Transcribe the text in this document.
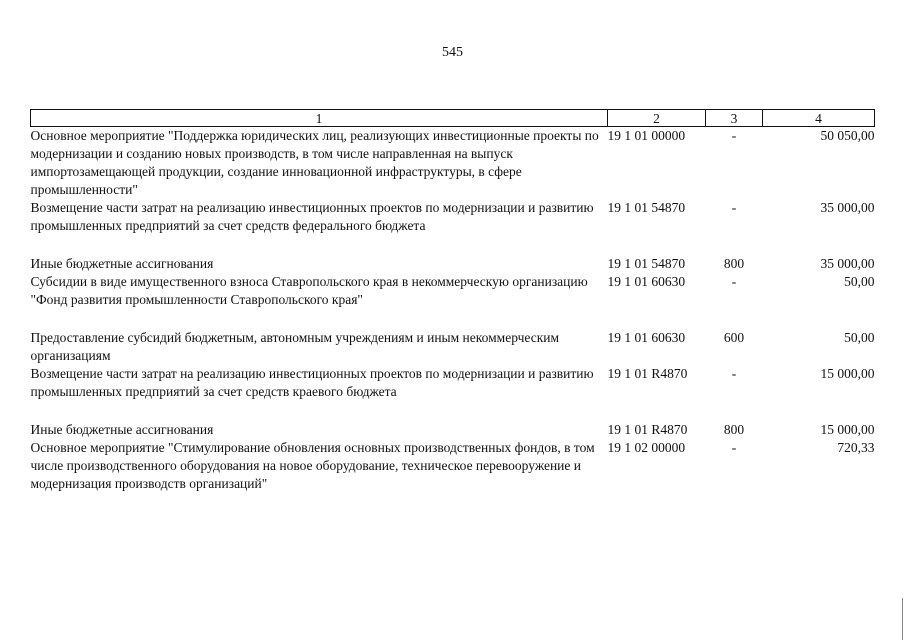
545
1	2	3	4
Основное мероприятие "Поддержка юридических лиц, реализующих инвестиционные проекты по модернизации и созданию новых производств, в том числе направленная на выпуск импортозамещающей продукции, создание инновационной инфраструктуры, в сфере промышленности"	19 1 01 00000	-	50 050,00
Возмещение части затрат на реализацию инвестиционных проектов по модернизации и развитию промышленных предприятий за счет средств федерального бюджета	19 1 01 54870	-	35 000,00
Иные бюджетные ассигнования	19 1 01 54870	800	35 000,00
Субсидии в виде имущественного взноса Ставропольского края в некоммерческую организацию "Фонд развития промышленности Ставропольского края"	19 1 01 60630	-	50,00
Предоставление субсидий бюджетным, автономным учреждениям и иным некоммерческим организациям	19 1 01 60630	600	50,00
Возмещение части затрат на реализацию инвестиционных проектов по модернизации и развитию промышленных предприятий за счет средств краевого бюджета	19 1 01 R4870	-	15 000,00
Иные бюджетные ассигнования	19 1 01 R4870	800	15 000,00
Основное мероприятие "Стимулирование обновления основных производственных фондов, в том числе производственного оборудования на новое оборудование, техническое перевооружение и модернизация производств организаций"	19 1 02 00000	-	720,33
